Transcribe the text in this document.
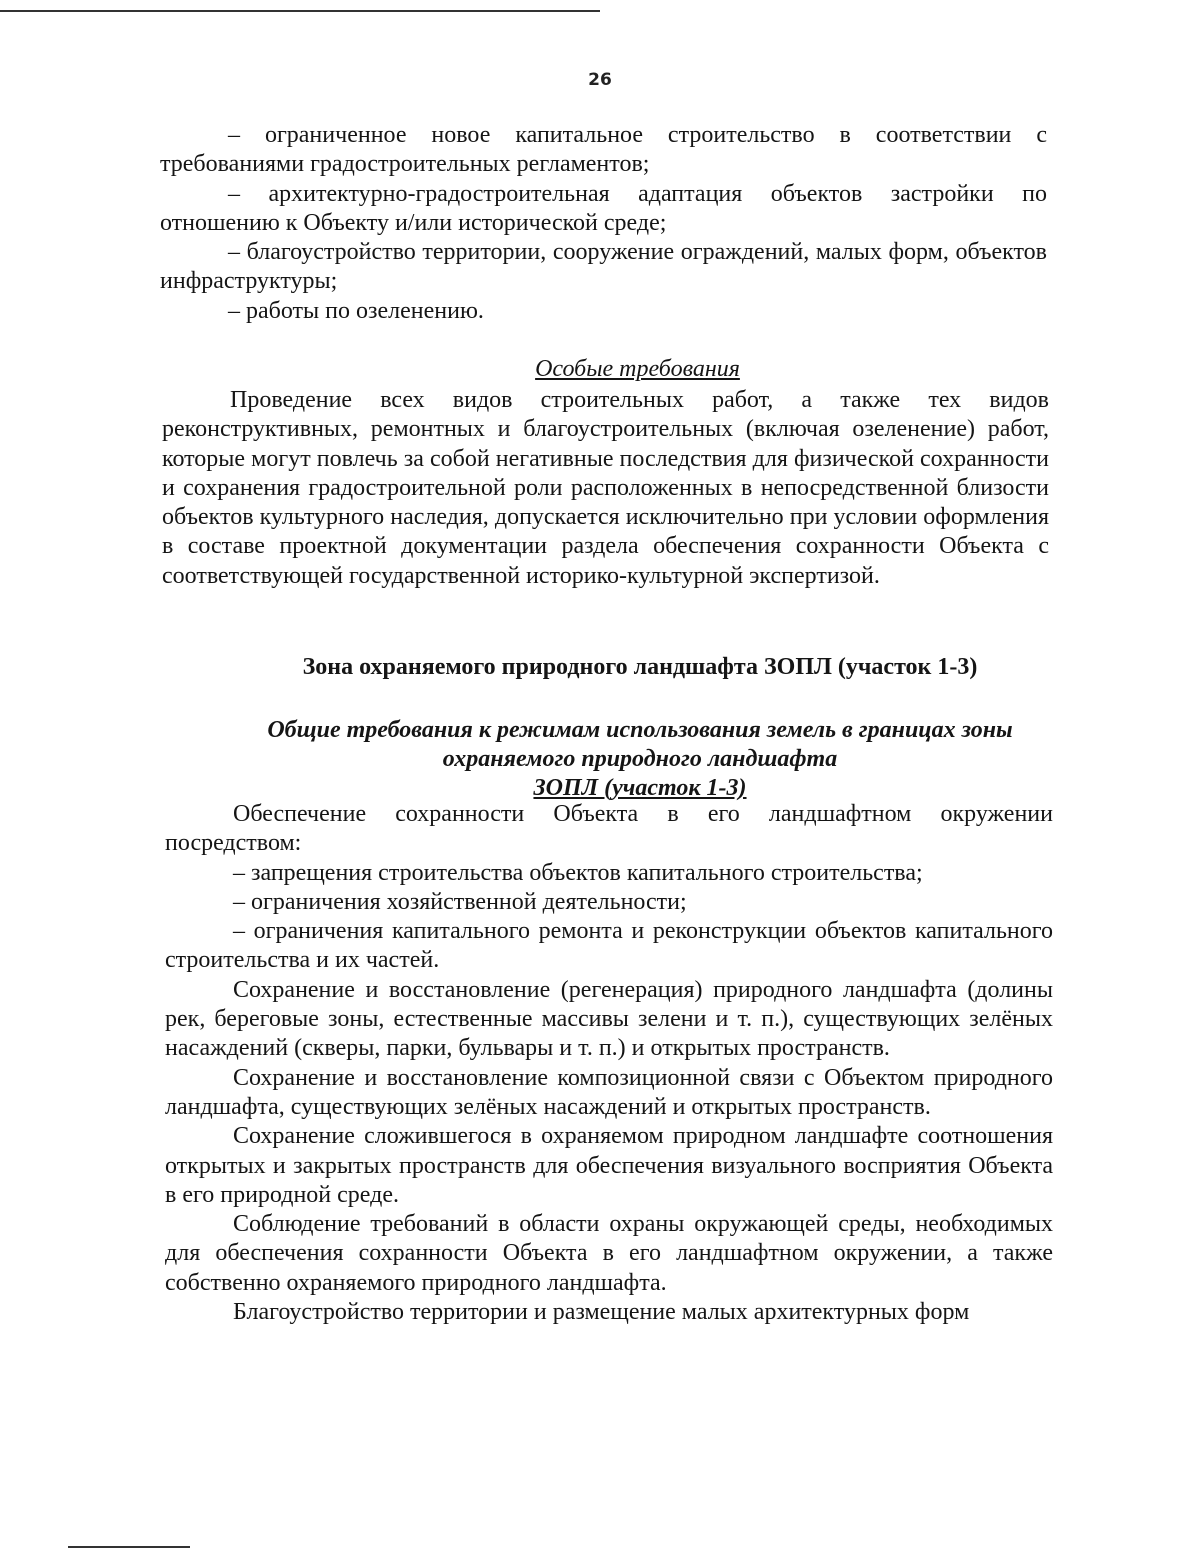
26

– ограниченное новое капитальное строительство в соответствии с требованиями градостроительных регламентов;

– архитектурно-градостроительная адаптация объектов застройки по отношению к Объекту и/или исторической среде;

– благоустройство территории, сооружение ограждений, малых форм, объектов инфраструктуры;

– работы по озеленению.

Особые требования

Проведение всех видов строительных работ, а также тех видов реконструктивных, ремонтных и благоустроительных (включая озеленение) работ, которые могут повлечь за собой негативные последствия для физической сохранности и сохранения градостроительной роли расположенных в непосредственной близости объектов культурного наследия, допускается исключительно при условии оформления в составе проектной документации раздела обеспечения сохранности Объекта с соответствующей государственной историко-культурной экспертизой.

Зона охраняемого природного ландшафта ЗОПЛ (участок 1-3)
Общие требования к режимам использования земель в границах зоны
охраняемого природного ландшафта
ЗОПЛ (участок 1-3)

Обеспечение сохранности Объекта в его ландшафтном окружении посредством:

– запрещения строительства объектов капитального строительства;

– ограничения хозяйственной деятельности;

– ограничения капитального ремонта и реконструкции объектов капитального строительства и их частей.

Сохранение и восстановление (регенерация) природного ландшафта (долины рек, береговые зоны, естественные массивы зелени и т. п.), существующих зелёных насаждений (скверы, парки, бульвары и т. п.) и открытых пространств.

Сохранение и восстановление композиционной связи с Объектом природного ландшафта, существующих зелёных насаждений и открытых пространств.

Сохранение сложившегося в охраняемом природном ландшафте соотношения открытых и закрытых пространств для обеспечения визуального восприятия Объекта в его природной среде.

Соблюдение требований в области охраны окружающей среды, необходимых для обеспечения сохранности Объекта в его ландшафтном окружении, а также собственно охраняемого природного ландшафта.

Благоустройство территории и размещение малых архитектурных форм
